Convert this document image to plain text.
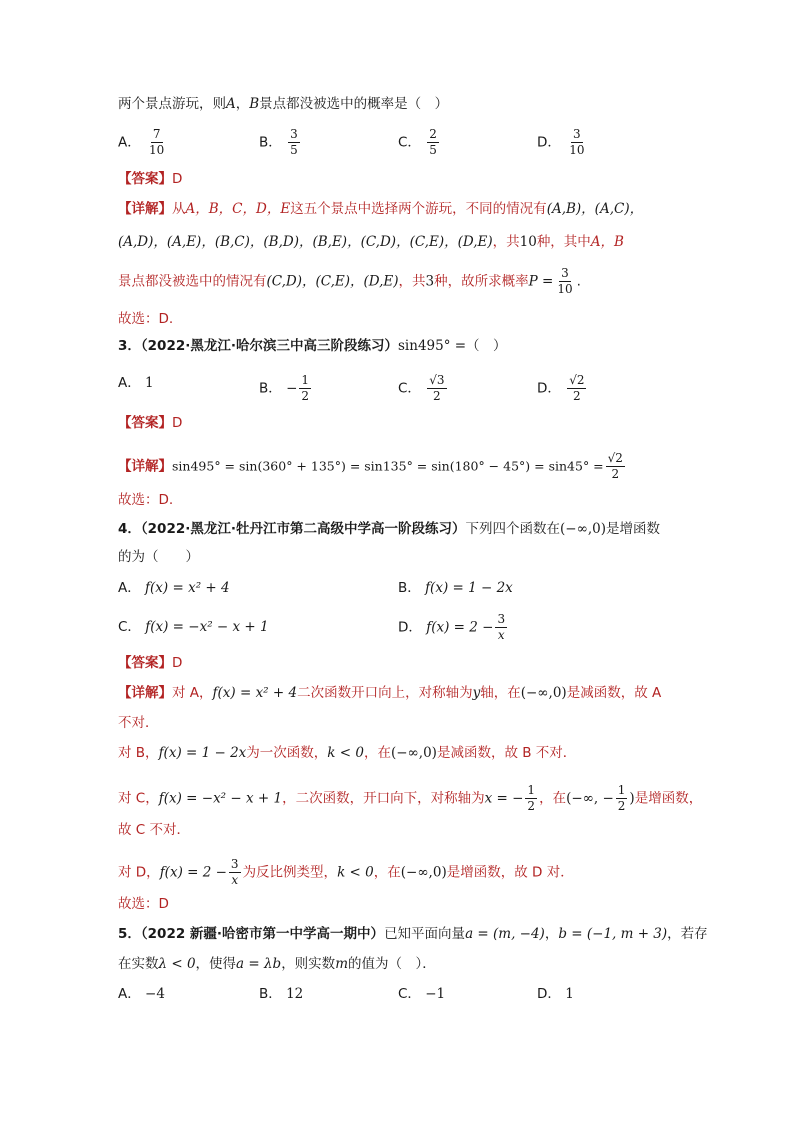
两个景点游玩，则A，B景点都没被选中的概率是（　）
A． $\frac{7}{10}$	B． $\frac{3}{5}$	C． $\frac{2}{5}$	D． $\frac{3}{10}$
【答案】D
【详解】从A，B，C，D，E这五个景点中选择两个游玩，不同的情况有(A,B)，(A,C)，
(A,D)，(A,E)，(B,C)，(B,D)，(B,E)，(C,D)，(C,E)，(D,E)，共10种，其中A，B
景点都没被选中的情况有(C,D)，(C,E)，(D,E)，共3种，故所求概率$P = \frac{3}{10}$ .
故选：D.
3．（2022·黑龙江·哈尔滨三中高三阶段练习）sin495° =（　）
A． 1	B． − $\frac{1}{2}$	C． $\frac{√3}{2}$	D． $\frac{√2}{2}$
【答案】D
【详解】$\sin 495^\circ = \sin(360^\circ + 135^\circ) = \sin 135^\circ = \sin(180^\circ - 45^\circ) = \sin 45^\circ = \frac{√2}{2}$
故选：D.
4．（2022·黑龙江·牡丹江市第二高级中学高一阶段练习）下列四个函数在(−∞,0)是增函数
的为（　　）
A． f(x) = x² + 4	B． f(x) = 1 − 2x
C． f(x) = −x² − x + 1	D． $f(x) = 2 - \frac{3}{x}$
【答案】D
【详解】对 A，f(x) = x² + 4二次函数开口向上，对称轴为y轴，在(−∞,0)是减函数，故 A
不对．
对 B，f(x) = 1 − 2x为一次函数，k < 0，在(−∞,0)是减函数，故 B 不对．
对 C，f(x) = −x² − x + 1，二次函数，开口向下，对称轴为x = − $\frac{1}{2}$ ，在(−∞, − $\frac{1}{2}$ )是增函数，
故 C 不对．
对 D，$f(x) = 2 - \frac{3}{x}$ 为反比例类型，k < 0，在(−∞,0)是增函数，故 D 对．
故选：D
5．（2022 新疆·哈密市第一中学高一期中）已知平面向量a = (m, −4)，b = (−1, m + 3)，若存
在实数λ < 0，使得a = λb，则实数m的值为（　）．
A． −4	B． 12	C． −1	D． 1
